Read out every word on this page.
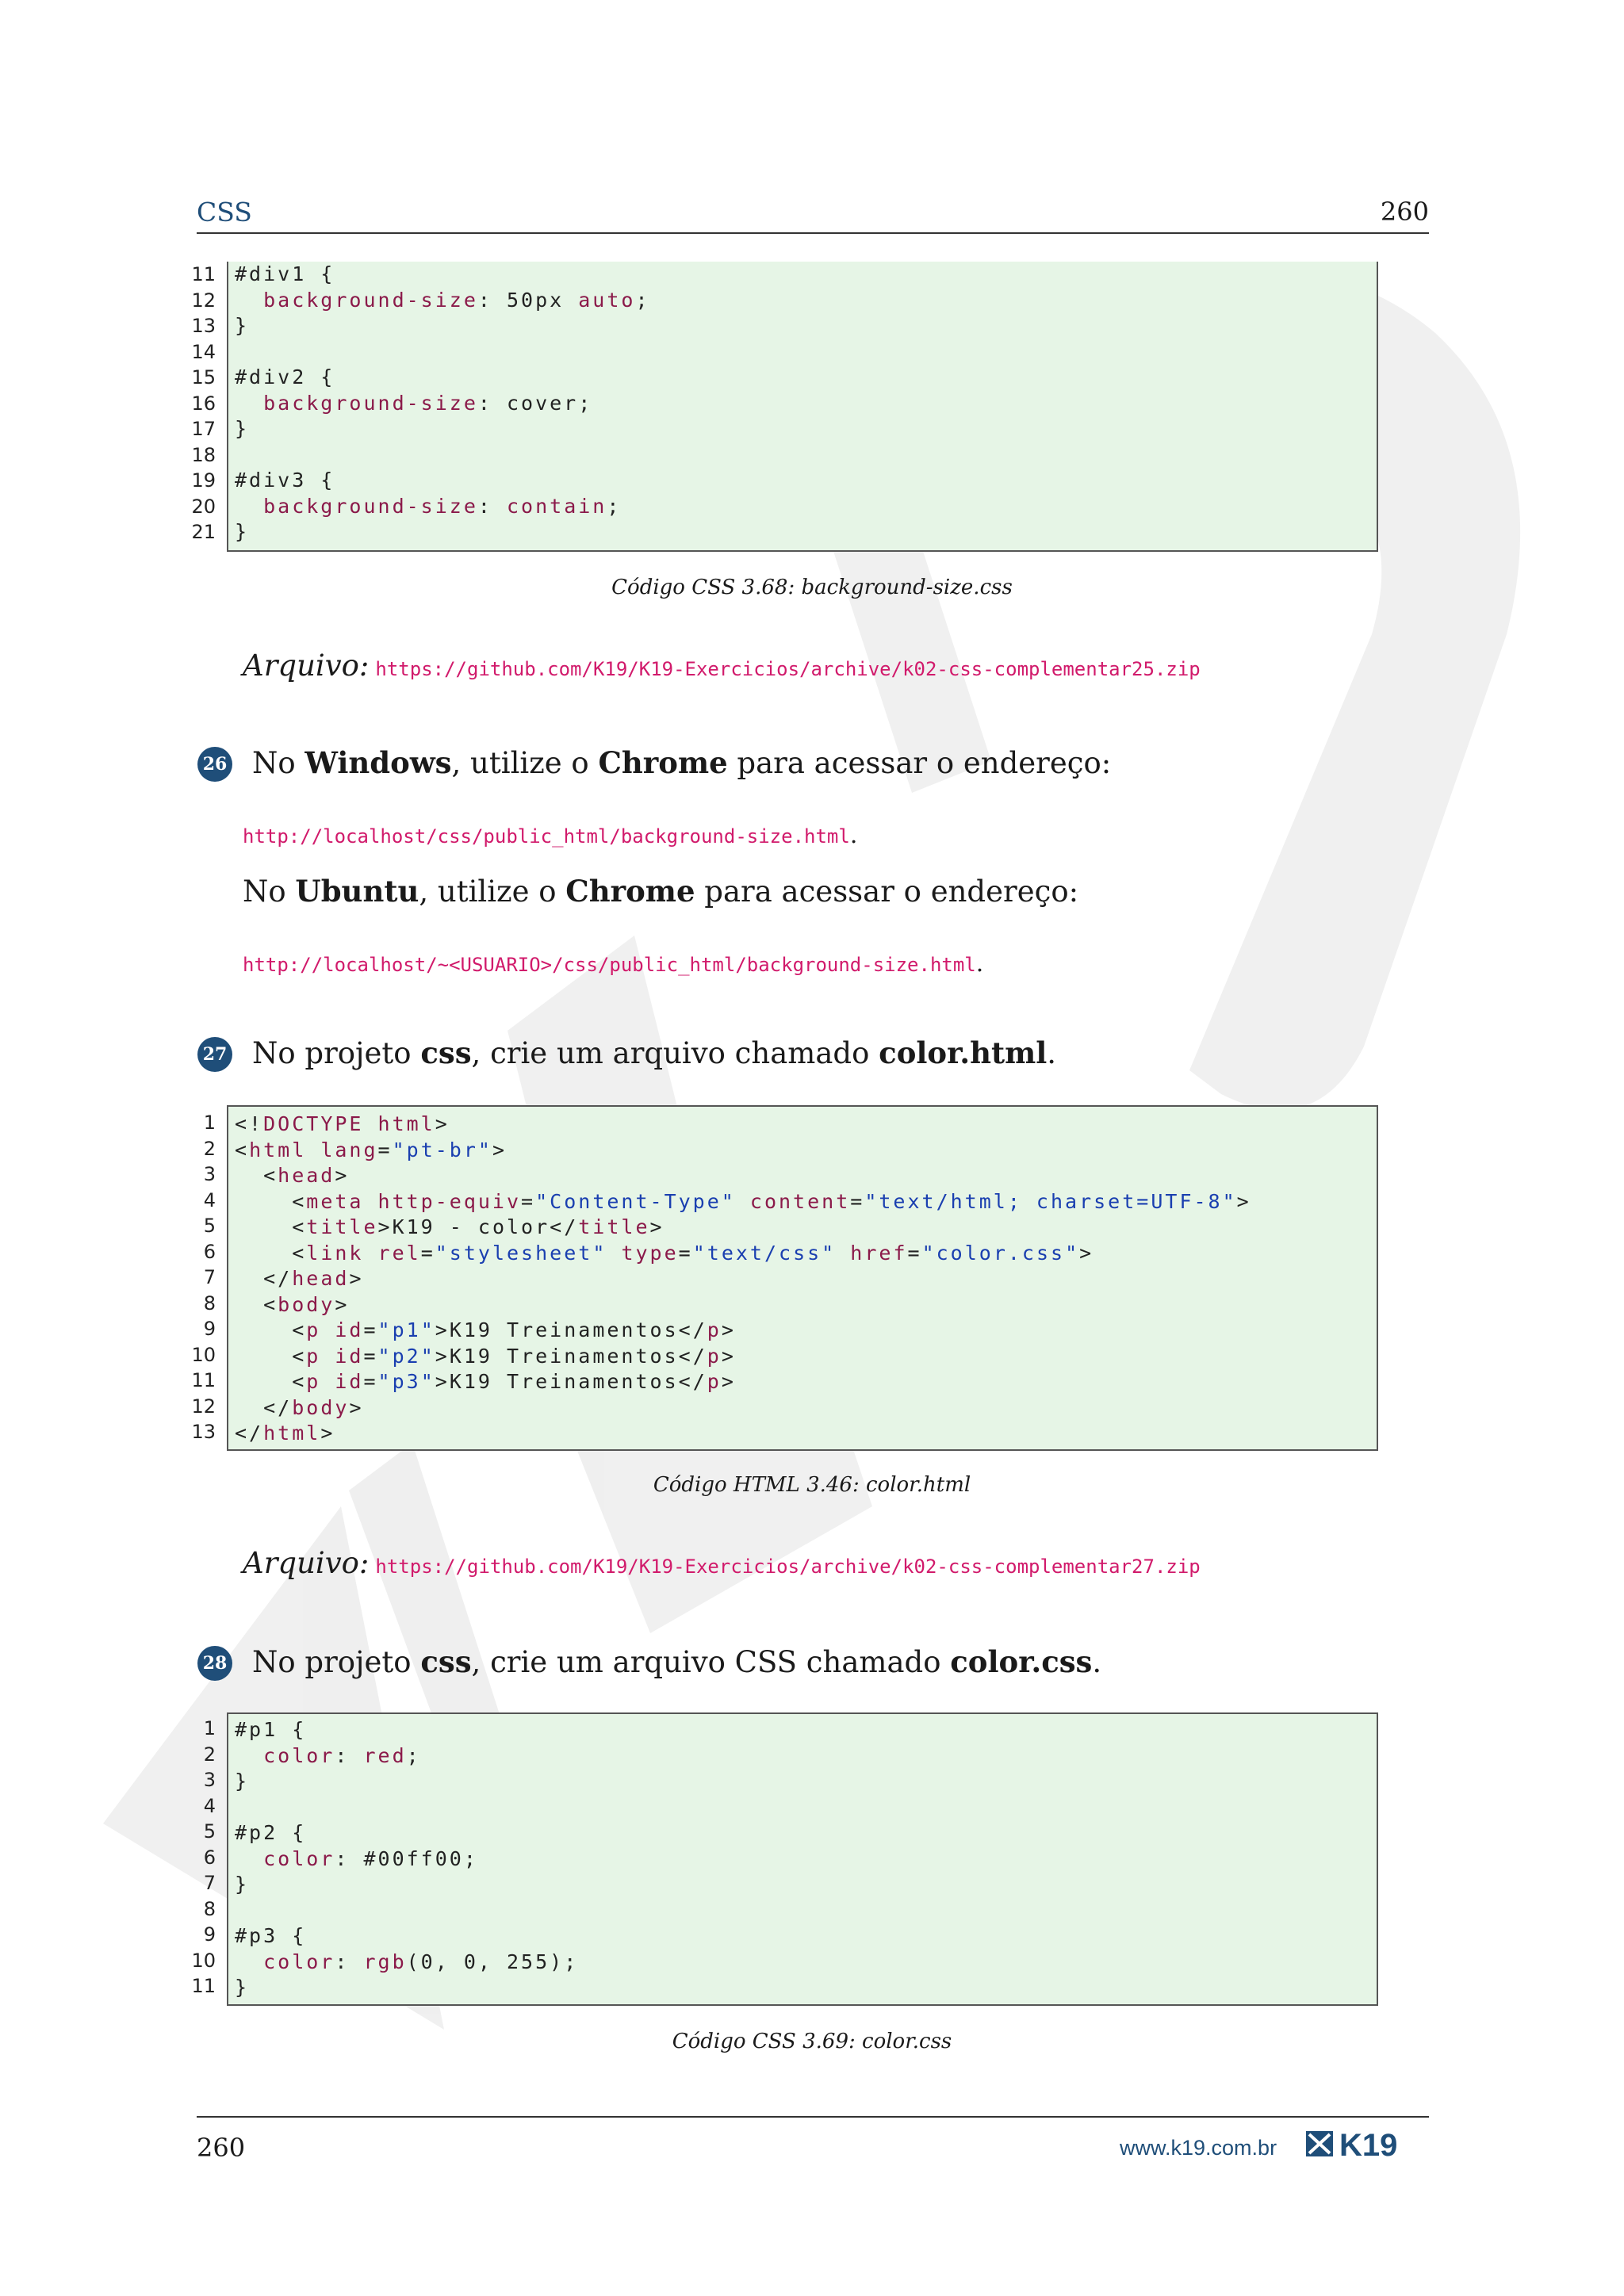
CSS	260
#div1 {
background-size: 50px auto;
}
#div2 {
background-size: cover;
}
#div3 {
background-size: contain;
}
Código CSS 3.68: background-size.css
Arquivo: https://github.com/K19/K19-Exercicios/archive/k02-css-complementar25.zip
26 No Windows, utilize o Chrome para acessar o endereço:
http://localhost/css/public_html/background-size.html.
No Ubuntu, utilize o Chrome para acessar o endereço:
http://localhost/~<USUARIO>/css/public_html/background-size.html.
27 No projeto css, crie um arquivo chamado color.html.
<!DOCTYPE html>
<html lang="pt-br">
<head>
<meta http-equiv="Content-Type" content="text/html; charset=UTF-8">
<title>K19 - color</title>
<link rel="stylesheet" type="text/css" href="color.css">
</head>
<body>
<p id="p1">K19 Treinamentos</p>
<p id="p2">K19 Treinamentos</p>
<p id="p3">K19 Treinamentos</p>
</body>
</html>
Código HTML 3.46: color.html
Arquivo: https://github.com/K19/K19-Exercicios/archive/k02-css-complementar27.zip
28 No projeto css, crie um arquivo CSS chamado color.css.
#p1 {
color: red;
}
#p2 {
color: #00ff00;
}
#p3 {
color: rgb(0, 0, 255);
}
Código CSS 3.69: color.css
260	www.k19.com.br K19
11
12
13
14
15
16
17
18
19
20
21
1
2
3
4
5
6
7
8
9
10
11
12
13
1
2
3
4
5
6
7
8
9
10
11
